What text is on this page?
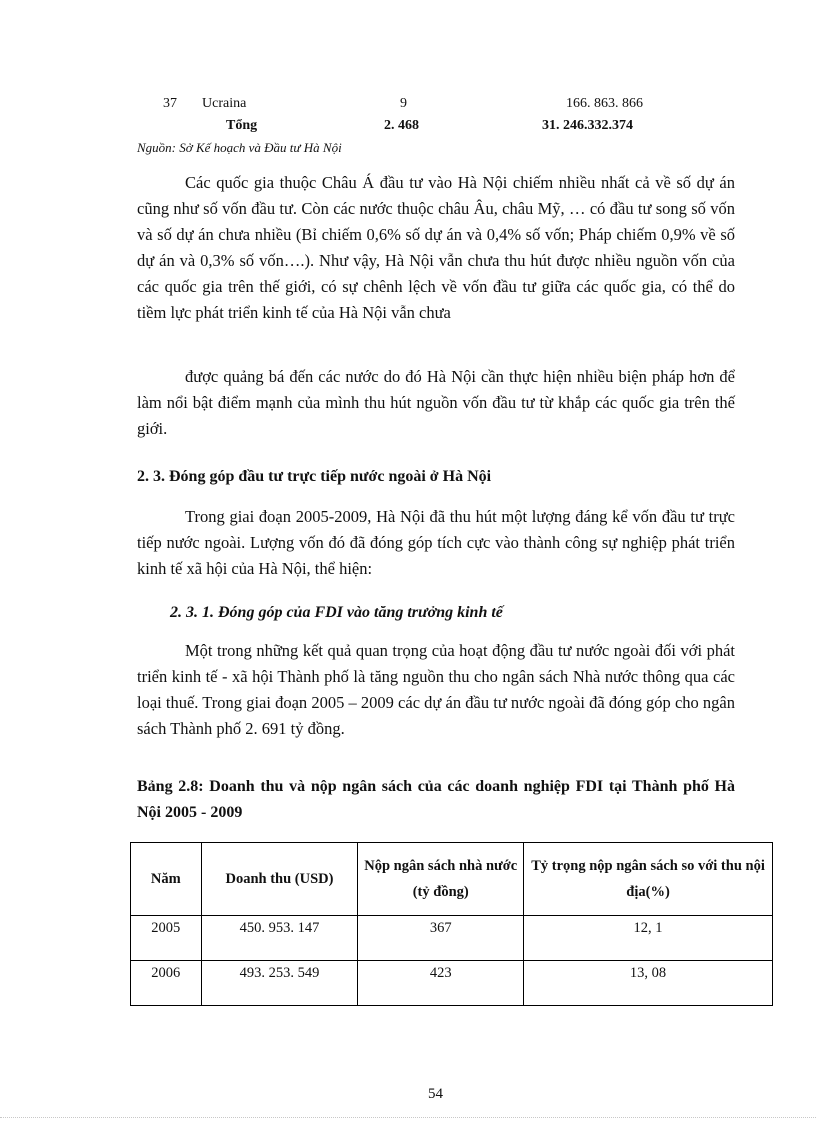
37 Ucraina	9	166. 863. 866
Tổng	2. 468	31. 246.332.374
Nguồn: Sở Kế hoạch và Đầu tư Hà Nội
Các quốc gia thuộc Châu Á đầu tư vào Hà Nội chiếm nhiều nhất cả về số dự án cũng như số vốn đầu tư. Còn các nước thuộc châu Âu, châu Mỹ, … có đầu tư song số vốn và số dự án chưa nhiều (Bỉ chiếm 0,6% số dự án và 0,4% số vốn; Pháp chiếm 0,9% về số dự án và 0,3% số vốn….). Như vậy, Hà Nội vẫn chưa thu hút được nhiều nguồn vốn của các quốc gia trên thế giới, có sự chênh lệch về vốn đầu tư giữa các quốc gia, có thể do tiềm lực phát triển kinh tế của Hà Nội vẫn chưa
được quảng bá đến các nước do đó Hà Nội cần thực hiện nhiều biện pháp hơn để làm nổi bật điểm mạnh của mình thu hút nguồn vốn đầu tư từ khắp các quốc gia trên thế giới.
2. 3. Đóng góp đầu tư trực tiếp nước ngoài ở Hà Nội
Trong giai đoạn 2005-2009, Hà Nội đã thu hút một lượng đáng kể vốn đầu tư trực tiếp nước ngoài. Lượng vốn đó đã đóng góp tích cực vào thành công sự nghiệp phát triển kinh tế xã hội của Hà Nội, thể hiện:
2. 3. 1. Đóng góp của FDI vào tăng trưởng kinh tế
Một trong những kết quả quan trọng của hoạt động đầu tư nước ngoài đối với phát triển kinh tế - xã hội Thành phố là tăng nguồn thu cho ngân sách Nhà nước thông qua các loại thuế. Trong giai đoạn 2005 – 2009 các dự án đầu tư nước ngoài đã đóng góp cho ngân sách Thành phố 2. 691 tỷ đồng.
Bảng 2.8: Doanh thu và nộp ngân sách của các doanh nghiệp FDI tại Thành phố Hà Nội 2005 - 2009
Năm	Doanh thu (USD)	Nộp ngân sách nhà nước (tỷ đồng)	Tỷ trọng nộp ngân sách so với thu nội địa(%)
2005	450. 953. 147	367	12, 1
2006	493. 253. 549	423	13, 08
54
